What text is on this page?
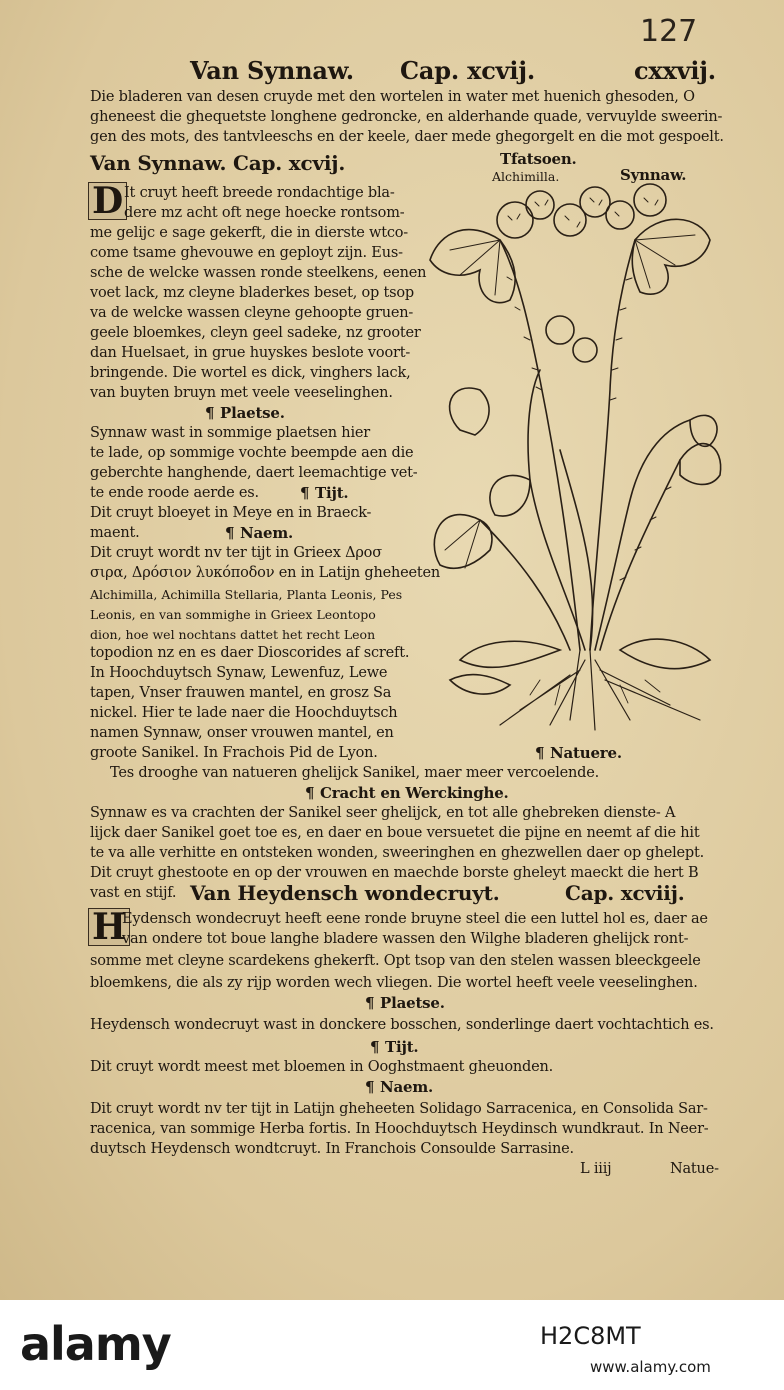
127
Van Synnaw. Cap. xcvij.	cxxvij.
Die bladeren van desen cruyde met den wortelen in water met huenich ghesoden, O
gheneest die ghequetste longhene gedroncke, en alderhande quade, vervuylde sweerin-
gen des mots, des tantvleeschs en der keele, daer mede ghegorgelt en die mot gespoelt.
Van Synnaw. Cap. xcvij.	Tfatsoen.
Alchimilla.	Synnaw.
D It cruyt heeft breede rondachtige bla-
dere mz acht oft nege hoecke rontsom-
me gelijc e sage gekerft, die in dierste wtco-
come tsame ghevouwe en geployt zijn. Eus-
sche de welcke wassen ronde steelkens, eenen
voet lack, mz cleyne bladerkes beset, op tsop
va de welcke wassen cleyne gehoopte gruen-
geele bloemkes, cleyn geel sadeke, nz grooter
dan Huelsaet, in grue huyskes beslote voort-
bringende. Die wortel es dick, vinghers lack,
van buyten bruyn met veele veeselinghen.
¶ Plaetse.
Synnaw wast in sommige plaetsen hier
te lade, op sommige vochte beempde aen die
geberchte hanghende, daert leemachtige vet-
te ende roode aerde es.	¶ Tijt.
Dit cruyt bloeyet in Meye en in Braeck-
maent.	¶ Naem.
Dit cruyt wordt nv ter tijt in Grieex Δροσ
σιρα, Δρόσιον λυκόποδον en in Latijn gheheeten
Alchimilla, Achimilla Stellaria, Planta Leonis, Pes
Leonis, en van sommighe in Grieex Leontopo
dion, hoe wel nochtans dattet het recht Leon
topodion nz en es daer Dioscorides af screft.
In Hoochduytsch Synaw, Lewenfuz, Lewe
tapen, Vnser frauwen mantel, en grosz Sa
nickel. Hier te lade naer die Hoochduytsch
namen Synnaw, onser vrouwen mantel, en
groote Sanikel. In Frachois Pid de Lyon.	¶ Natuere.
Tes drooghe van natueren ghelijck Sanikel, maer meer vercoelende.
¶ Cracht en Werckinghe.
Synnaw es va crachten der Sanikel seer ghelijck, en tot alle ghebreken dienste- A
lijck daer Sanikel goet toe es, en daer en boue versuetet die pijne en neemt af die hit
te va alle verhitte en ontsteken wonden, sweeringhen en ghezwellen daer op ghelept.
Dit cruyt ghestoote en op der vrouwen en maechde borste gheleyt maeckt die hert B
vast en stijf. Van Heydensch wondecruyt.	Cap. xcviij.
H
Eydensch wondecruyt heeft eene ronde bruyne steel die een luttel hol es, daer ae
van ondere tot boue langhe bladere wassen den Wilghe bladeren ghelijck ront-
somme met cleyne scardekens ghekerft. Opt tsop van den stelen wassen bleeckgeele
bloemkens, die als zy rijp worden wech vliegen. Die wortel heeft veele veeselinghen.
¶ Plaetse.
Heydensch wondecruyt wast in donckere bosschen, sonderlinge daert vochtachtich es.
¶ Tijt.
Dit cruyt wordt meest met bloemen in Ooghstmaent gheuonden.
¶ Naem.
Dit cruyt wordt nv ter tijt in Latijn gheheeten Solidago Sarracenica, en Consolida Sar-
racenica, van sommige Herba fortis. In Hoochduytsch Heydinsch wundkraut. In Neer-
duytsch Heydensch wondtcruyt. In Franchois Consoulde Sarrasine.
L iiij	Natue-
alamy	H2C8MT
www.alamy.com
